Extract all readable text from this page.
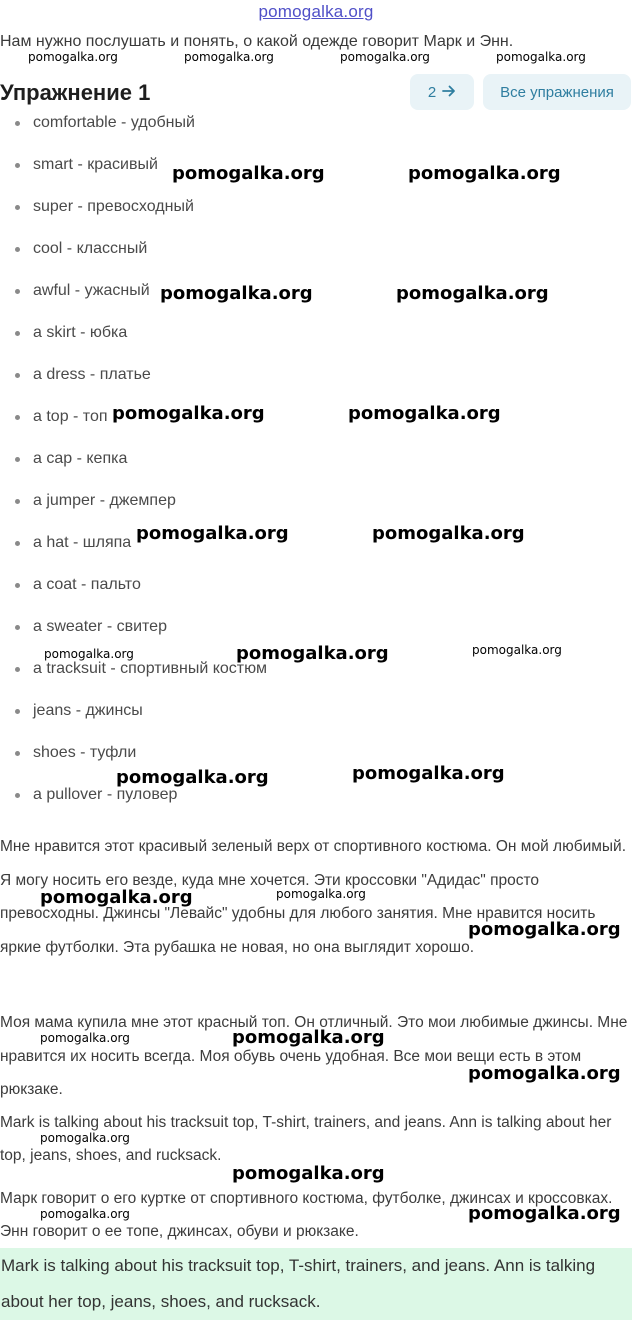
pomogalka.org
Нам нужно послушать и понять, о какой одежде говорит Марк и Энн.
Упражнение 1	2	Все упражнения
comfortable - удобный
smart - красивый
super - превосходный
cool - классный
awful - ужасный
a skirt - юбка
a dress - платье
a top - топ
a cap - кепка
a jumper - джемпер
a hat - шляпа
a coat - пальто
a sweater - свитер
a tracksuit - спортивный костюм
jeans - джинсы
shoes - туфли
a pullover - пуловер
Мне нравится этот красивый зеленый верх от спортивного костюма. Он мой любимый. Я могу носить его везде, куда мне хочется. Эти кроссовки "Адидас" просто превосходны. Джинсы "Левайс" удобны для любого занятия. Мне нравится носить яркие футболки. Эта рубашка не новая, но она выглядит хорошо.
Моя мама купила мне этот красный топ. Он отличный. Это мои любимые джинсы. Мне нравится их носить всегда. Моя обувь очень удобная. Все мои вещи есть в этом рюкзаке.
Mark is talking about his tracksuit top, T-shirt, trainers, and jeans. Ann is talking about her top, jeans, shoes, and rucksack.
Марк говорит о его куртке от спортивного костюма, футболке, джинсах и кроссовках. Энн говорит о ее топе, джинсах, обуви и рюкзаке.
Mark is talking about his tracksuit top, T-shirt, trainers, and jeans. Ann is talking about her top, jeans, shoes, and rucksack.
pomogalka.org	pomogalka.org	pomogalka.org	pomogalka.org
pomogalka.org	pomogalka.org
pomogalka.org	pomogalka.org
pomogalka.org	pomogalka.org
pomogalka.org	pomogalka.org
pomogalka.org	pomogalka.org	pomogalka.org
pomogalka.org	pomogalka.org
pomogalka.org	pomogalka.org
pomogalka.org
pomogalka.org	pomogalka.org
pomogalka.org
pomogalka.org
pomogalka.org
pomogalka.org	pomogalka.org
